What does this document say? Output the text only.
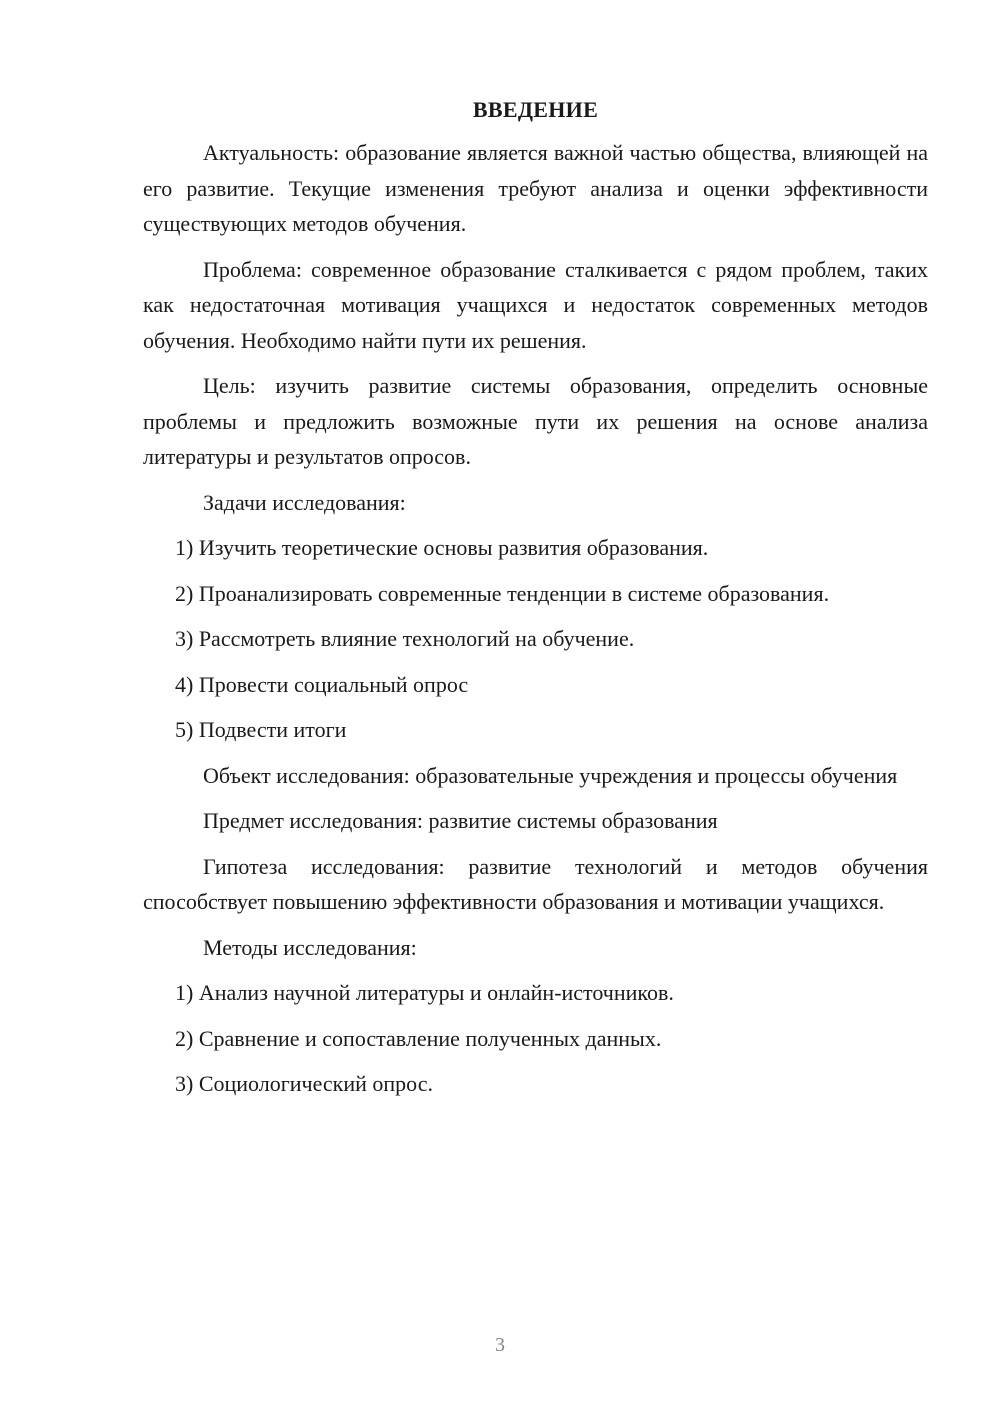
ВВЕДЕНИЕ

Актуальность: образование является важной частью общества, влияющей на его развитие. Текущие изменения требуют анализа и оценки эффективности существующих методов обучения.

Проблема: современное образование сталкивается с рядом проблем, таких как недостаточная мотивация учащихся и недостаток современных методов обучения. Необходимо найти пути их решения.

Цель: изучить развитие системы образования, определить основные проблемы и предложить возможные пути их решения на основе анализа литературы и результатов опросов.

Задачи исследования:

1) Изучить теоретические основы развития образования.

2) Проанализировать современные тенденции в системе образования.

3) Рассмотреть влияние технологий на обучение.

4) Провести социальный опрос

5) Подвести итоги

Объект исследования: образовательные учреждения и процессы обучения

Предмет исследования: развитие системы образования

Гипотеза исследования: развитие технологий и методов обучения способствует повышению эффективности образования и мотивации учащихся.

Методы исследования:

1) Анализ научной литературы и онлайн-источников.

2) Сравнение и сопоставление полученных данных.

3) Социологический опрос.

3
